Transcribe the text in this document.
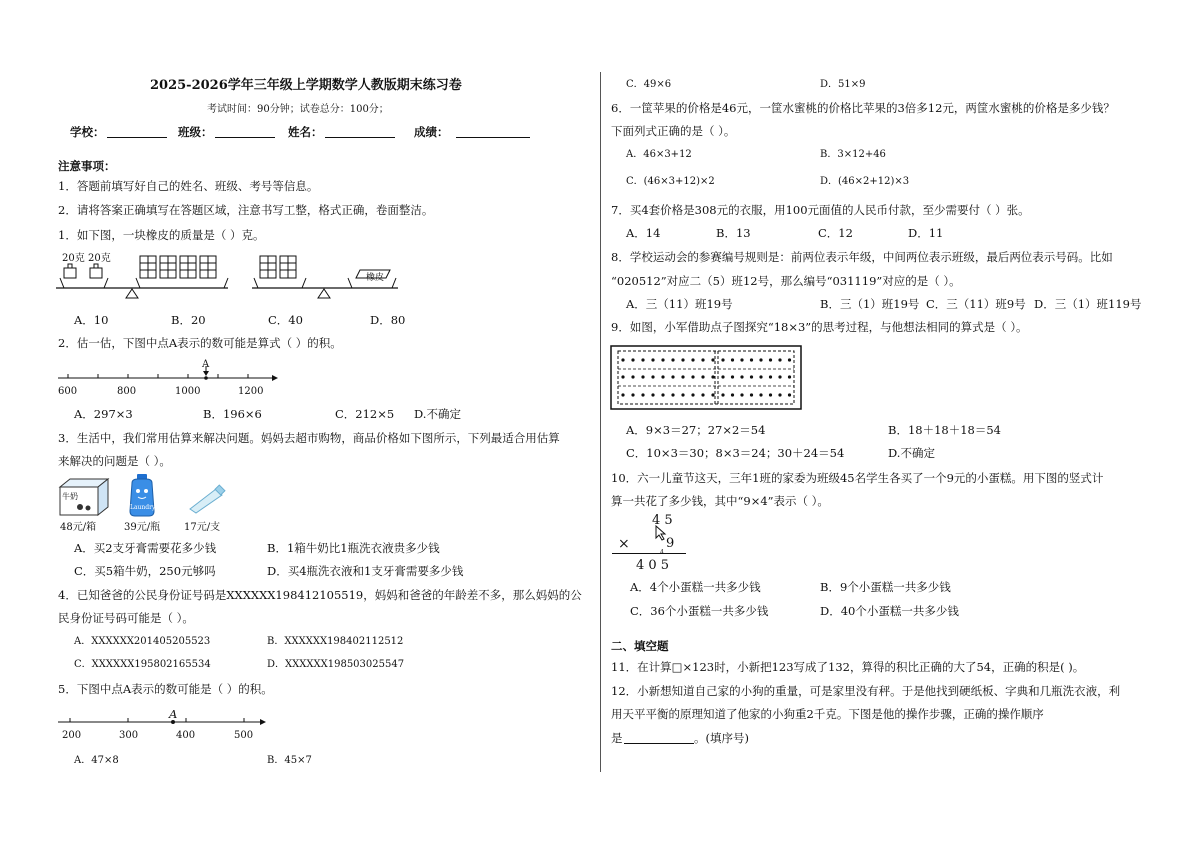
2025-2026学年三年级上学期数学人教版期末练习卷
考试时间：90分钟；试卷总分：100分；
学校：	班级：	姓名：	成绩：
注意事项：
1．答题前填写好自己的姓名、班级、考号等信息。
2．请将答案正确填写在答题区域，注意书写工整，格式正确，卷面整洁。
1．如下图，一块橡皮的质量是（ ）克。
20克 20克
橡皮
A．10	B．20	C．40	D．80
2．估一估，下图中点A表示的数可能是算式（ ）的积。
A
600	800	1000	1200
A．297×3	B．196×6	C．212×5 D.不确定
3．生活中，我们常用估算来解决问题。妈妈去超市购物，商品价格如下图所示，下列最适合用估算
来解决的问题是（ ）。
牛奶
Laundry
48元/箱	39元/瓶 17元/支
A．买2支牙膏需要花多少钱	B．1箱牛奶比1瓶洗衣液贵多少钱
C．买5箱牛奶，250元够吗	D．买4瓶洗衣液和1支牙膏需要多少钱
4．已知爸爸的公民身份证号码是XXXXXX198412105519，妈妈和爸爸的年龄差不多，那么妈妈的公
民身份证号码可能是（ ）。
A．XXXXXX201405205523	B．XXXXXX198402112512
C．XXXXXX195802165534	D．XXXXXX198503025547
5．下图中点A表示的数可能是（ ）的积。
A
200	300	400	500
A．47×8	B．45×7
C．49×6	D．51×9
6．一筐苹果的价格是46元，一筐水蜜桃的价格比苹果的3倍多12元，两筐水蜜桃的价格是多少钱？
下面列式正确的是（ ）。
A．46×3+12	B．3×12+46
C．(46×3+12)×2	D．(46×2+12)×3
7．买4套价格是308元的衣服，用100元面值的人民币付款，至少需要付（ ）张。
A．14	B．13	C．12	D．11
8．学校运动会的参赛编号规则是：前两位表示年级，中间两位表示班级，最后两位表示号码。比如
“020512”对应二（5）班12号，那么编号“031119”对应的是（ ）。
A．三（11）班19号	B．三（1）班19号 C．三（11）班9号 D．三（1）班119号
9．如图，小军借助点子图探究“18×3”的思考过程，与他想法相同的算式是（ ）。
A．9×3＝27；27×2＝54	B．18＋18＋18＝54
C．10×3＝30；8×3＝24；30＋24＝54	D.不确定
10．六一儿童节这天，三年1班的家委为班级45名学生各买了一个9元的小蛋糕。用下图的竖式计
算一共花了多少钱，其中“9×4”表示（ ）。
4 5
×	9
4 0 5
A．4个小蛋糕一共多少钱	B．9个小蛋糕一共多少钱
C．36个小蛋糕一共多少钱	D．40个小蛋糕一共多少钱
二、填空题
11．在计算□×123时，小新把123写成了132，算得的积比正确的大了54，正确的积是( )。
12．小新想知道自己家的小狗的重量，可是家里没有秤。于是他找到硬纸板、字典和几瓶洗衣液，利
用天平平衡的原理知道了他家的小狗重2千克。下图是他的操作步骤，正确的操作顺序
是	。(填序号)
